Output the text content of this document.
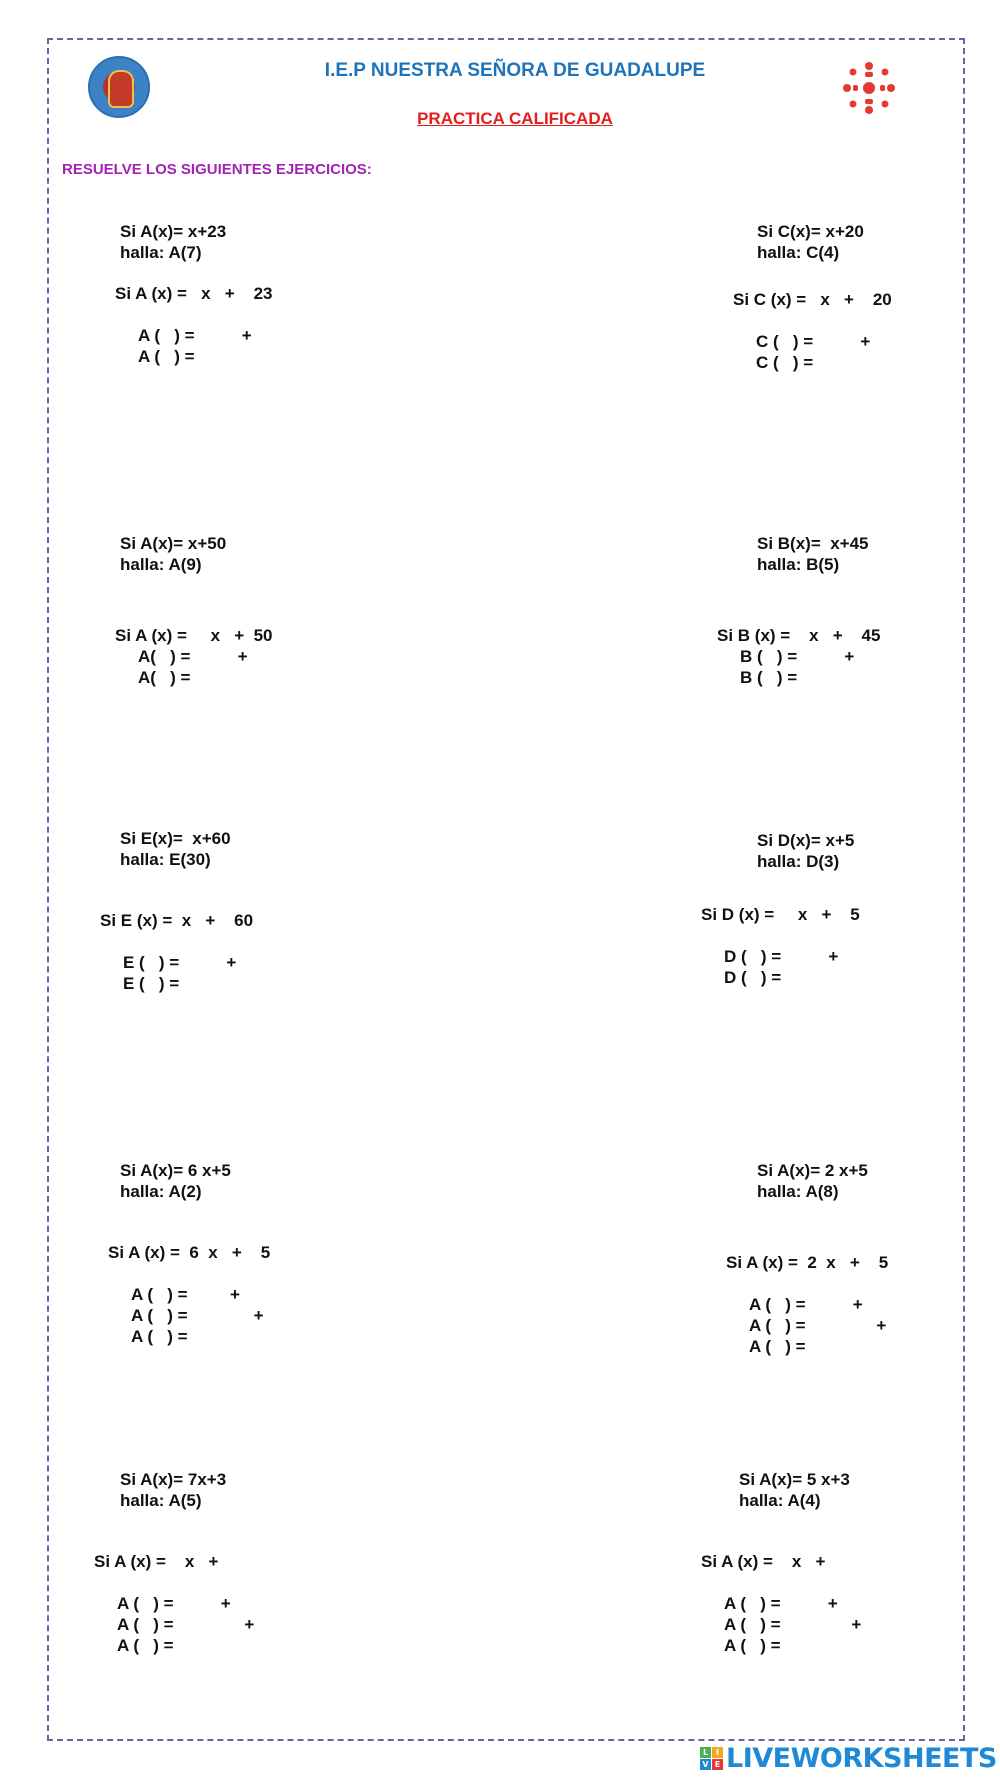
I.E.P NUESTRA SEÑORA DE GUADALUPE
PRACTICA CALIFICADA
RESUELVE LOS SIGUIENTES EJERCICIOS:
Si A(x)= x+23
halla: A(7)
Si A (x) =   x   +    23
A (   ) =          +
A (   ) =
Si C(x)= x+20
halla: C(4)
Si C (x) =   x   +    20
C (   ) =          +
C (   ) =
Si A(x)= x+50
halla: A(9)
Si A (x) =     x   +  50
A(   ) =          +
A(   ) =
Si B(x)=  x+45
halla: B(5)
Si B (x) =    x   +    45
B (   ) =          +
B (   ) =
Si E(x)=  x+60
halla: E(30)
Si E (x) =  x   +    60
E (   ) =          +
E (   ) =
Si D(x)= x+5
halla: D(3)
Si D (x) =     x   +    5
D (   ) =          +
D (   ) =
Si A(x)= 6 x+5
halla: A(2)
Si A (x) =  6  x   +    5
A (   ) =         +
A (   ) =              +
A (   ) =
Si A(x)= 2 x+5
halla: A(8)
Si A (x) =  2  x   +    5
A (   ) =          +
A (   ) =               +
A (   ) =
Si A(x)= 7x+3
halla: A(5)
Si A (x) =    x   +
A (   ) =          +
A (   ) =               +
A (   ) =
Si A(x)= 5 x+3
halla: A(4)
Si A (x) =    x   +
A (   ) =          +
A (   ) =               +
A (   ) =
L I
V E LIVEWORKSHEETS
